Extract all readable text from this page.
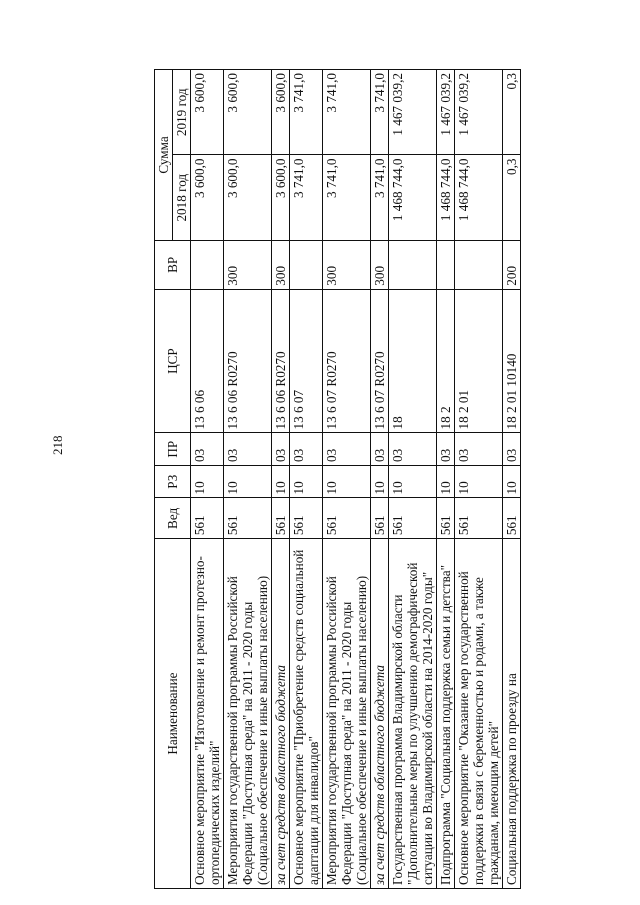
218
Наименование	Вед	РЗ	ПР	ЦСР	ВР	Сумма	
						2018 год	2019 год
Основное мероприятие "Изготовление и ремонт протезно-ортопедических изделий"	561	10	03	13 6 06		3 600,0	3 600,0
Мероприятия государственной программы Российской Федерации "Доступная среда" на 2011 - 2020 годы (Социальное обеспечение и иные выплаты населению)	561	10	03	13 6 06 R0270	300	3 600,0	3 600,0
за счет средств областного бюджета	561	10	03	13 6 06 R0270	300	3 600,0	3 600,0
Основное мероприятие "Приобретение средств социальной адаптации для инвалидов"	561	10	03	13 6 07		3 741,0	3 741,0
Мероприятия государственной программы Российской Федерации "Доступная среда" на 2011 - 2020 годы (Социальное обеспечение и иные выплаты населению)	561	10	03	13 6 07 R0270	300	3 741,0	3 741,0
за счет средств областного бюджета	561	10	03	13 6 07 R0270	300	3 741,0	3 741,0
Государственная программа Владимирской области "Дополнительные меры по улучшению демографической ситуации во Владимирской области на 2014-2020 годы"	561	10	03	18		1 468 744,0	1 467 039,2
Подпрограмма "Социальная поддержка семьи и детства"	561	10	03	18 2		1 468 744,0	1 467 039,2
Основное мероприятие "Оказание мер государственной поддержки в связи с беременностью и родами, а также гражданам, имеющим детей"	561	10	03	18 2 01		1 468 744,0	1 467 039,2
Социальная поддержка по проезду на	561	10	03	18 2 01 10140	200	0,3	0,3
